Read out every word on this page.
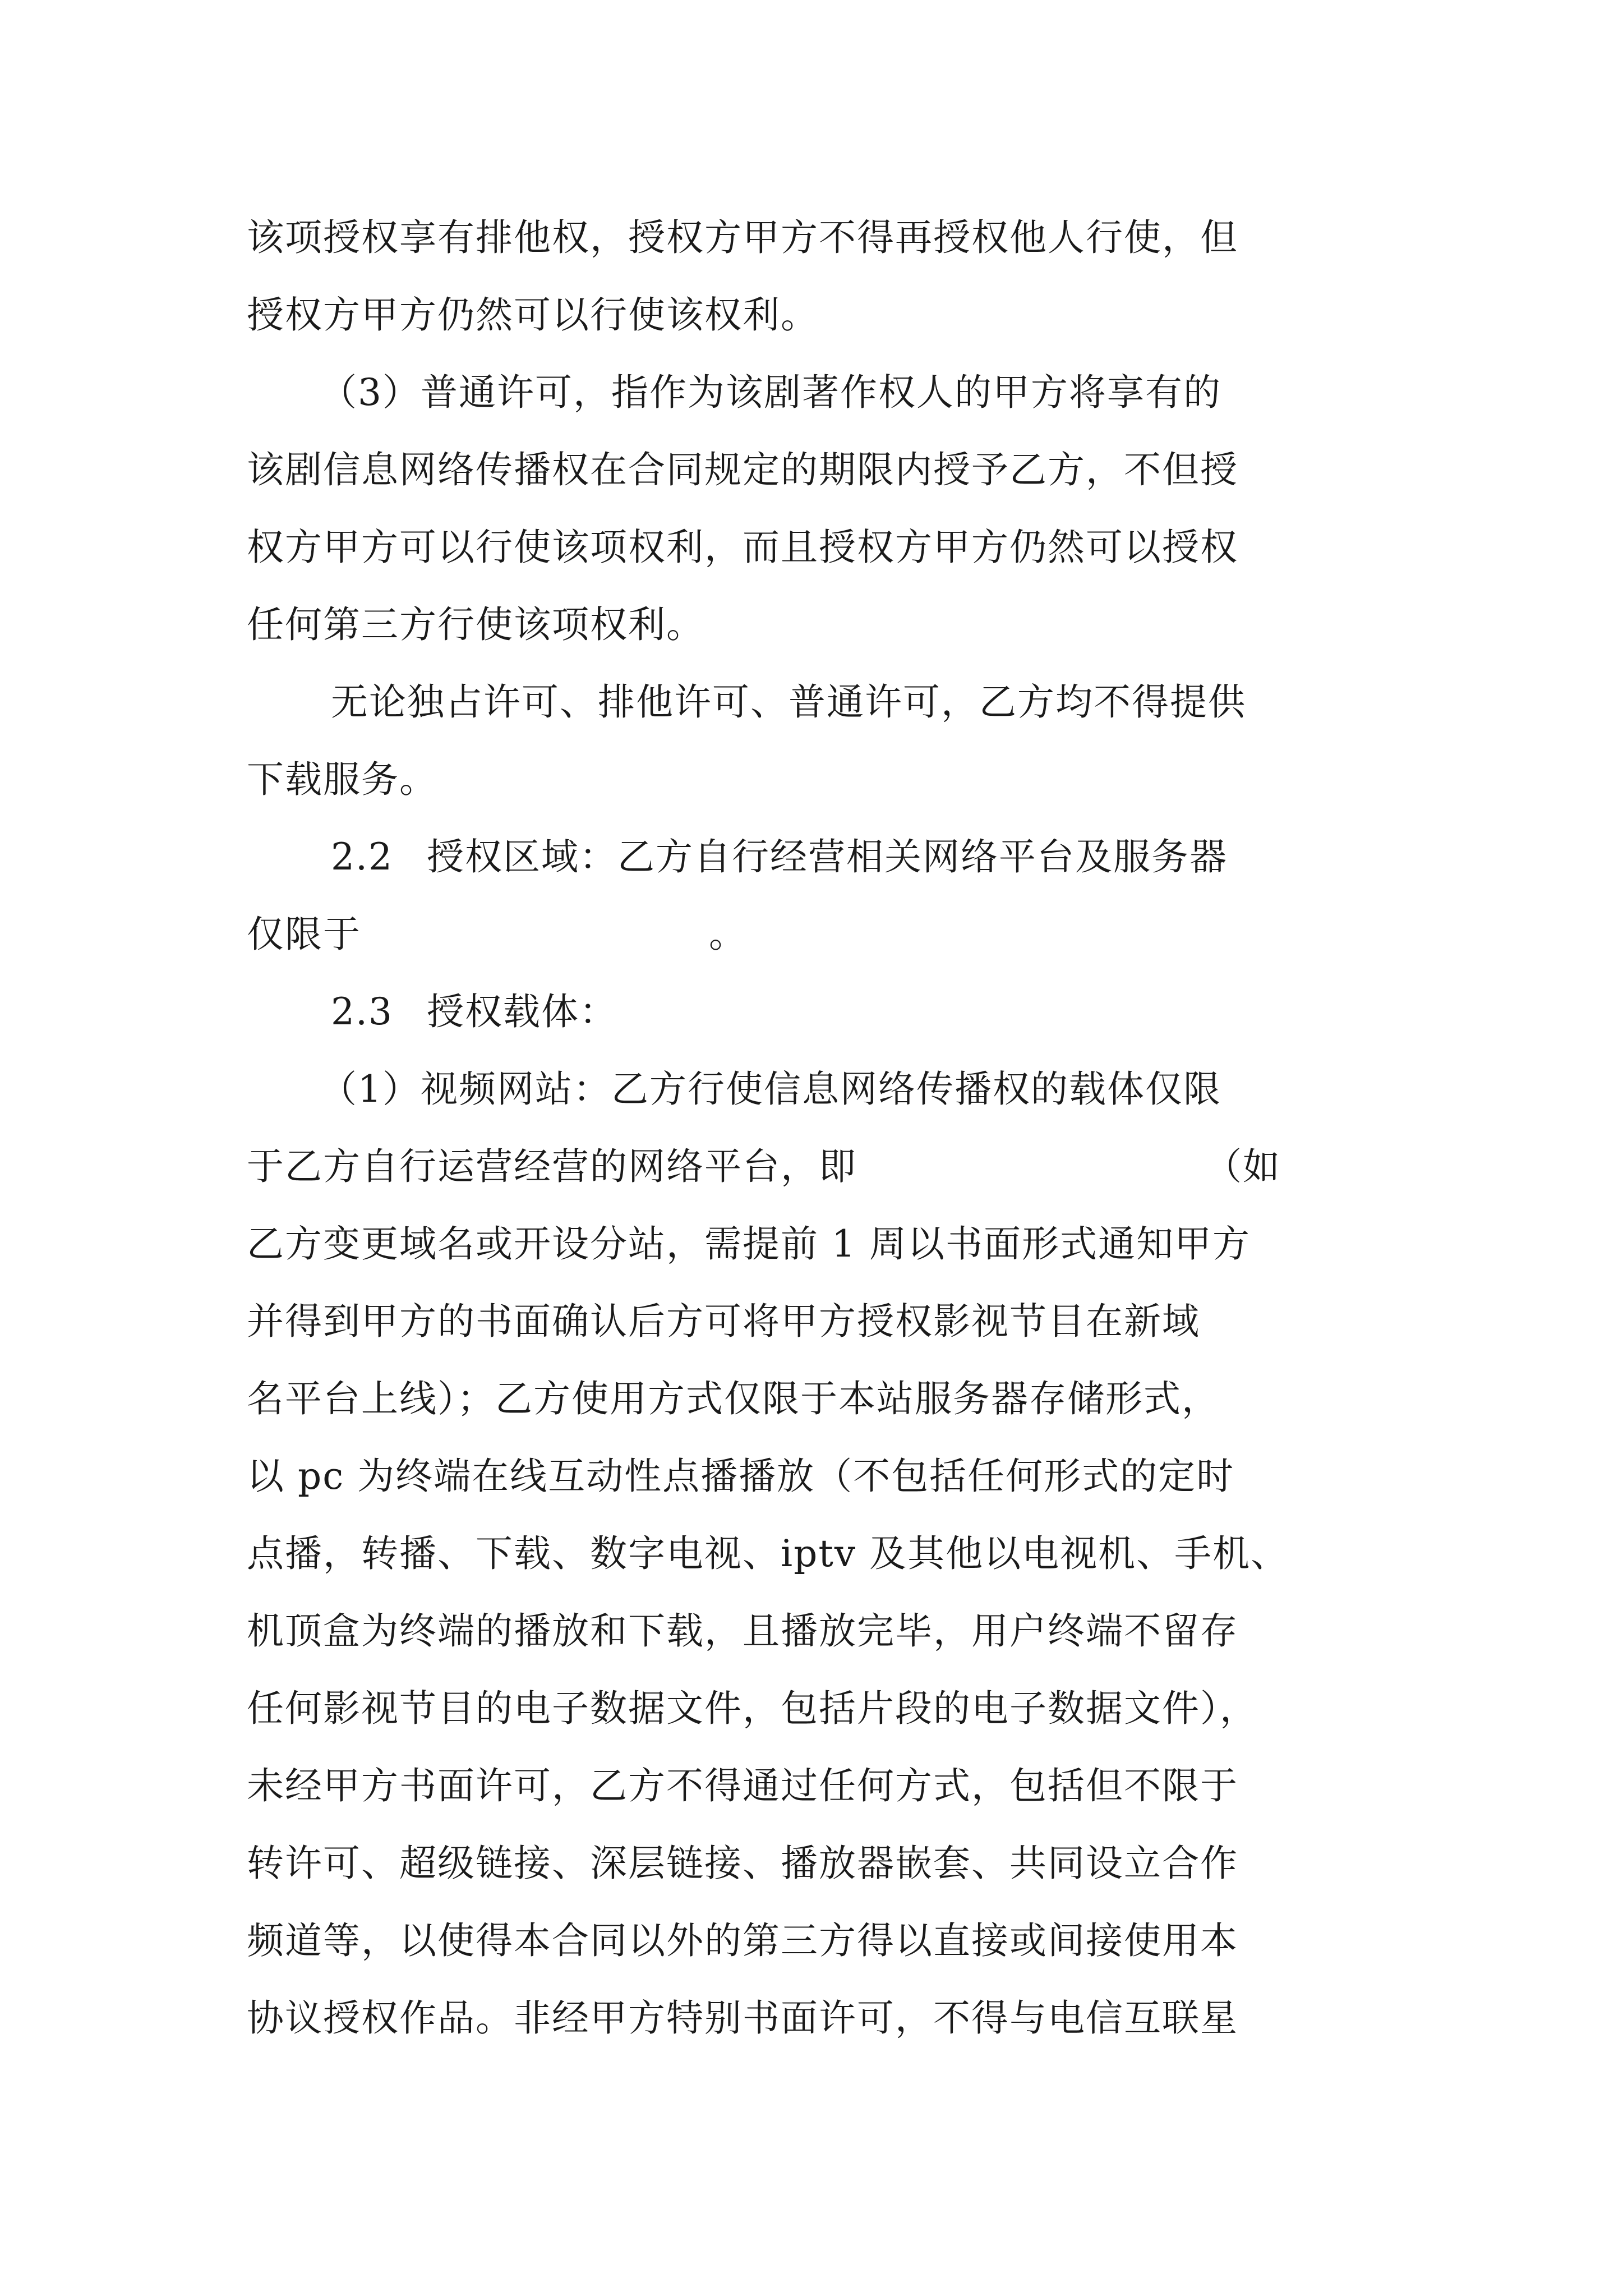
该项授权享有排他权，授权方甲方不得再授权他人行使，但
授权方甲方仍然可以行使该权利。
（3）普通许可，指作为该剧著作权人的甲方将享有的
该剧信息网络传播权在合同规定的期限内授予乙方，不但授
权方甲方可以行使该项权利，而且授权方甲方仍然可以授权
任何第三方行使该项权利。
无论独占许可、排他许可、普通许可，乙方均不得提供
下载服务。
2.2 授权区域：乙方自行经营相关网络平台及服务器
仅限于	。
2.3 授权载体：
（1）视频网站：乙方行使信息网络传播权的载体仅限
于乙方自行运营经营的网络平台，即	（如
乙方变更域名或开设分站，需提前 1 周以书面形式通知甲方
并得到甲方的书面确认后方可将甲方授权影视节目在新域
名平台上线）；乙方使用方式仅限于本站服务器存储形式，
以 pc 为终端在线互动性点播播放（不包括任何形式的定时
点播，转播、下载、数字电视、iptv 及其他以电视机、手机、
机顶盒为终端的播放和下载，且播放完毕，用户终端不留存
任何影视节目的电子数据文件，包括片段的电子数据文件），
未经甲方书面许可，乙方不得通过任何方式，包括但不限于
转许可、超级链接、深层链接、播放器嵌套、共同设立合作
频道等，以使得本合同以外的第三方得以直接或间接使用本
协议授权作品。非经甲方特别书面许可，不得与电信互联星
